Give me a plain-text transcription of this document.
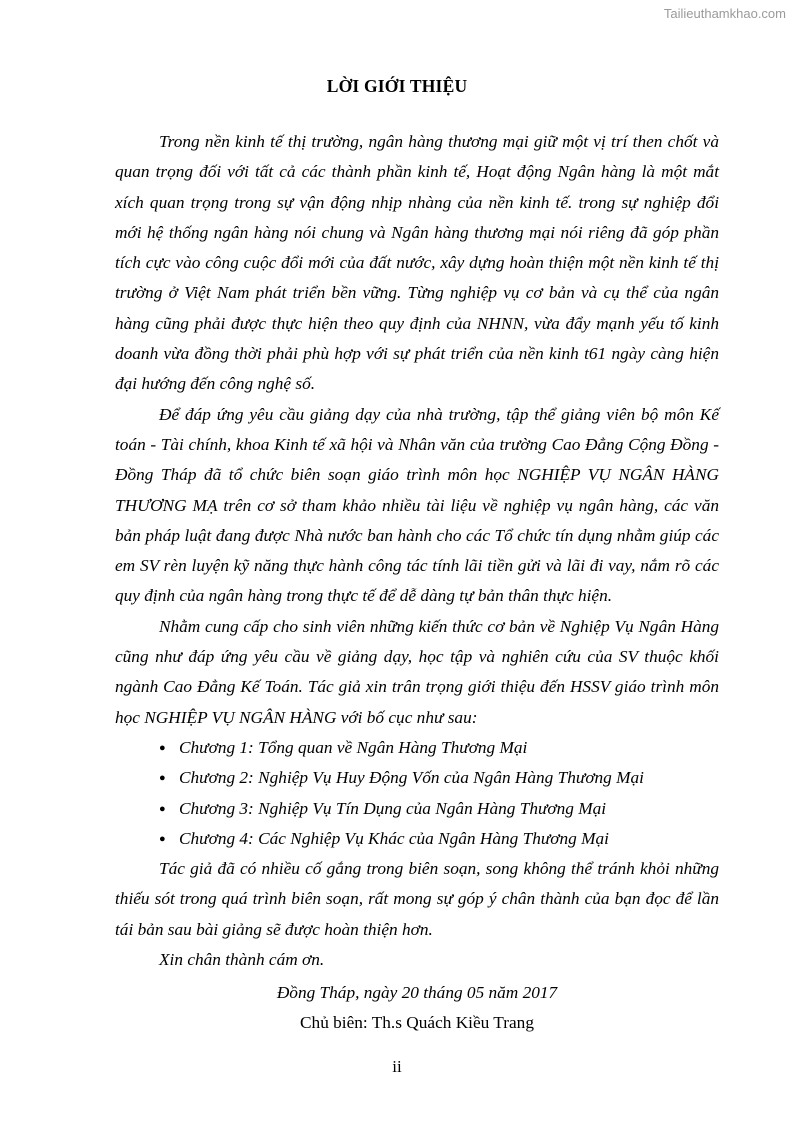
Tailieuthamkhao.com
LỜI GIỚI THIỆU

Trong nền kinh tế thị trường, ngân hàng thương mại giữ một vị trí then chốt và quan trọng đối với tất cả các thành phần kinh tế, Hoạt động Ngân hàng là một mắt xích quan trọng trong sự vận động nhịp nhàng của nền kinh tế. trong sự nghiệp đổi mới hệ thống ngân hàng nói chung và Ngân hàng thương mại nói riêng đã góp phần tích cực vào công cuộc đổi mới của đất nước, xây dựng hoàn thiện một nền kinh tế thị trường ở Việt Nam phát triển bền vững. Từng nghiệp vụ cơ bản và cụ thể của ngân hàng cũng phải được thực hiện theo quy định của NHNN, vừa đẩy mạnh yếu tố kinh doanh vừa đồng thời phải phù hợp với sự phát triển của nền kinh t61 ngày càng hiện đại hướng đến công nghệ số.

Để đáp ứng yêu cầu giảng dạy của nhà trường, tập thể giảng viên bộ môn Kế toán - Tài chính, khoa Kinh tế xã hội và Nhân văn của trường Cao Đẳng Cộng Đồng - Đồng Tháp đã tổ chức biên soạn giáo trình môn học NGHIỆP VỤ NGÂN HÀNG THƯƠNG MẠ trên cơ sở tham khảo nhiều tài liệu về nghiệp vụ ngân hàng, các văn bản pháp luật đang được Nhà nước ban hành cho các Tổ chức tín dụng nhằm giúp các em SV rèn luyện kỹ năng thực hành công tác tính lãi tiền gửi và lãi đi vay, nắm rõ các quy định của ngân hàng trong thực tế để dễ dàng tự bản thân thực hiện.

Nhằm cung cấp cho sinh viên những kiến thức cơ bản về Nghiệp Vụ Ngân Hàng cũng như đáp ứng yêu cầu về giảng dạy, học tập và nghiên cứu của SV thuộc khối ngành Cao Đẳng Kế Toán. Tác giả xin trân trọng giới thiệu đến HSSV giáo trình môn học NGHIỆP VỤ NGÂN HÀNG với bố cục như sau:

● Chương 1: Tổng quan về Ngân Hàng Thương Mại
● Chương 2: Nghiệp Vụ Huy Động Vốn của Ngân Hàng Thương Mại
● Chương 3: Nghiệp Vụ Tín Dụng của Ngân Hàng Thương Mại
● Chương 4: Các Nghiệp Vụ Khác của Ngân Hàng Thương Mại

Tác giả đã có nhiều cố gắng trong biên soạn, song không thể tránh khỏi những thiếu sót trong quá trình biên soạn, rất mong sự góp ý chân thành của bạn đọc để lần tái bản sau bài giảng sẽ được hoàn thiện hơn.

Xin chân thành cám ơn.

Đồng Tháp, ngày 20 tháng 05 năm 2017
Chủ biên: Th.s Quách Kiều Trang
ii
